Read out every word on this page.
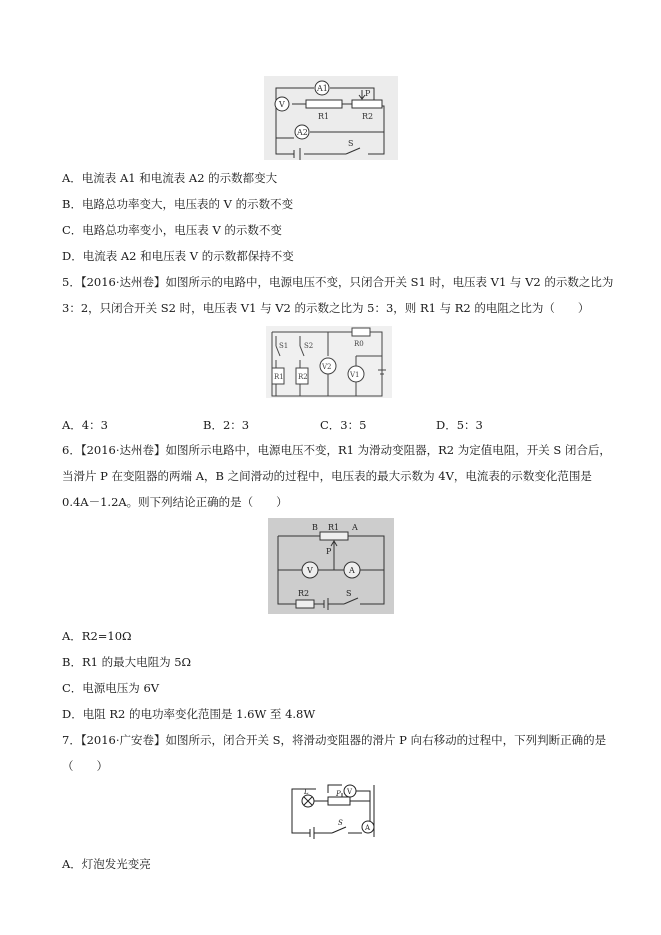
A1
V
A2
R1	R2
P
S
A．电流表 A1 和电流表 A2 的示数都变大
B．电路总功率变大，电压表的 V 的示数不变
C．电路总功率变小，电压表 V 的示数不变
D．电流表 A2 和电压表 V 的示数都保持不变
5．【2016·达州卷】如图所示的电路中，电源电压不变，只闭合开关 S1 时，电压表 V1 与 V2 的示数之比为
3：2，只闭合开关 S2 时，电压表 V1 与 V2 的示数之比为 5：3，则 R1 与 R2 的电阻之比为（　　）
S1 S2
R1 R2
V2
V1
R0
A．4：3	B．2：3	C．3：5	D．5：3
6．【2016·达州卷】如图所示电路中，电源电压不变，R1 为滑动变阻器，R2 为定值电阻，开关 S 闭合后，
当滑片 P 在变阻器的两端 A，B 之间滑动的过程中，电压表的最大示数为 4V，电流表的示数变化范围是
0.4A－1.2A。则下列结论正确的是（　　）
B R1 A
P
V	A
R2	S
A．R2=10Ω
B．R1 的最大电阻为 5Ω
C．电源电压为 6V
D．电阻 R2 的电功率变化范围是 1.6W 至 4.8W
7．【2016·广安卷】如图所示，闭合开关 S，将滑动变阻器的滑片 P 向右移动的过程中，下列判断正确的是
（　　）
L	V
P
S
A
A．灯泡发光变亮
